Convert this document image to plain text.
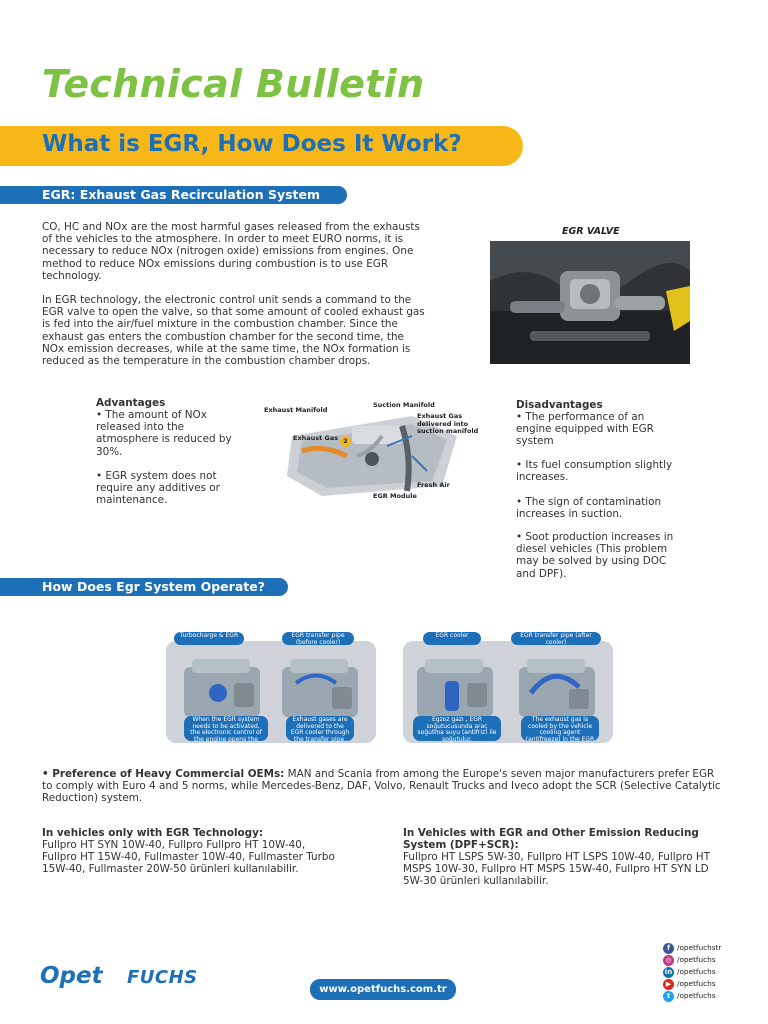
Technical Bulletin
What is EGR, How Does It Work?
EGR: Exhaust Gas Recirculation System

CO, HC and NOx are the most harmful gases released from the exhausts of the vehicles to the atmosphere. In order to meet EURO norms, it is necessary to reduce NOx (nitrogen oxide) emissions from engines. One method to reduce NOx emissions during combustion is to use EGR technology.

In EGR technology, the electronic control unit sends a command to the EGR valve to open the valve, so that some amount of cooled exhaust gas is fed into the air/fuel mixture in the combustion chamber. Since the exhaust gas enters the combustion chamber for the second time, the NOx emission decreases, while at the same time, the NOx formation is reduced as the temperature in the combustion chamber drops.

EGR VALVE
Advantages
• The amount of NOx released into the atmosphere is reduced by 30%.
• EGR system does not require any additives or maintenance.
Exhaust Manifold
Suction Manifold
Exhaust Gas delivered into suction manifold
Exhaust Gas 2
Fresh Air
EGR Module
Disadvantages
• The performance of an engine equipped with EGR system
• Its fuel consumption slightly increases.
• The sign of contamination increases in suction.
• Soot production increases in diesel vehicles (This problem may be solved by using DOC and DPF).
How Does Egr System Operate?
Turbocharge & EGR	EGR transfer pipe (before cooler)
When the EGR system needs to be activated, the electronic control of the engine opens the EGR valve.
Exhaust gases are delivered to the EGR cooler through the transfer pipe.
EGR cooler	EGR transfer pipe (after cooler)
Egzoz gazı , EGR soğutucusunda araç soğutma suyu (antifriz) ile soğutulur.
The exhaust gas is cooled by the vehicle cooling agent (antifreeze) in the EGR cooler.

• Preference of Heavy Commercial OEMs: MAN and Scania from among the Europe's seven major manufacturers prefer EGR to comply with Euro 4 and 5 norms, while Mercedes-Benz, DAF, Volvo, Renault Trucks and Iveco adopt the SCR (Selective Catalytic Reduction) system.

In vehicles only with EGR Technology:
Fullpro HT SYN 10W-40, Fullpro Fullpro HT 10W-40, Fullpro HT 15W-40, Fullmaster 10W-40, Fullmaster Turbo 15W-40, Fullmaster 20W-50 ürünleri kullanılabilir.
In Vehicles with EGR and Other Emission Reducing System (DPF+SCR):
Fullpro HT LSPS 5W-30, Fullpro HT LSPS 10W-40, Fullpro HT MSPS 10W-30, Fullpro HT MSPS 15W-40, Fullpro HT SYN LD 5W-30 ürünleri kullanılabilir.
Opet FUCHS
www.opetfuchs.com.tr
f /opetfuchstr
◎ /opetfuchs
in /opetfuchs
▶ /opetfuchs
t /opetfuchs
